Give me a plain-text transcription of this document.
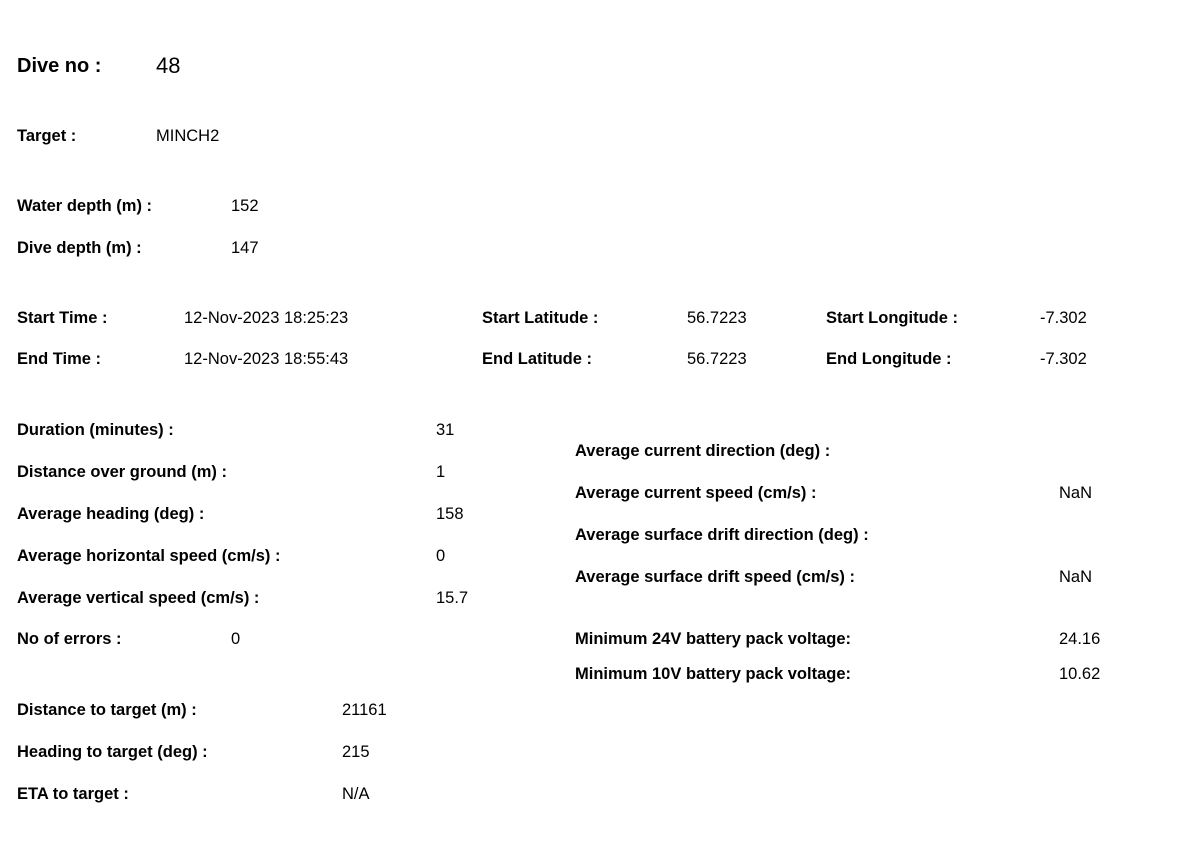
Dive no : 48
Target :	MINCH2
Water depth (m) :	152
Dive depth (m) :	147
Start Time :	12-Nov-2023 18:25:23	Start Latitude :	56.7223	Start Longitude :	-7.302
End Time :	12-Nov-2023 18:55:43	End Latitude :	56.7223	End Longitude :	-7.302
Duration (minutes) :	31
Distance over ground (m) :	1
Average heading (deg) :	158
Average horizontal speed (cm/s) :	0
Average vertical speed (cm/s) :	15.7
No of errors :	0
Average current direction (deg) :
Average current speed (cm/s) :	NaN
Average surface drift direction (deg) :
Average surface drift speed (cm/s) :	NaN
Minimum 24V battery pack voltage:	24.16
Minimum 10V battery pack voltage:	10.62
Distance to target (m) :	21161
Heading to target (deg) :	215
ETA to target :	N/A
